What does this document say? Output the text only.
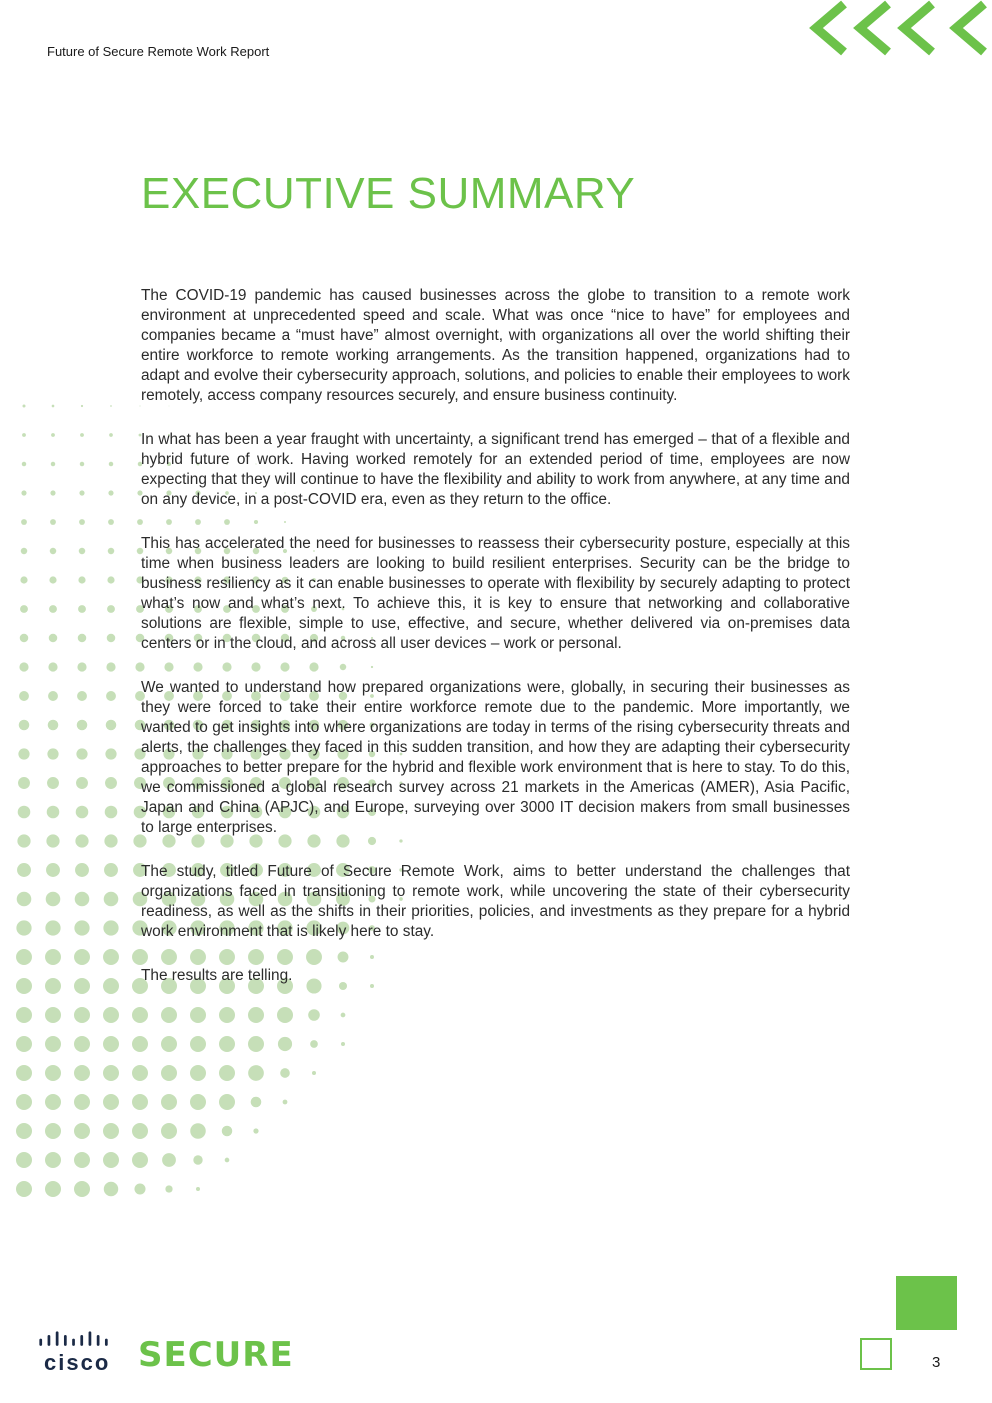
Future of Secure Remote Work Report
EXECUTIVE SUMMARY

The COVID-19 pandemic has caused businesses across the globe to transition to a remote work environment at unprecedented speed and scale. What was once “nice to have” for employees and companies became a “must have” almost overnight, with organizations all over the world shifting their entire workforce to remote working arrangements. As the transition happened, organizations had to adapt and evolve their cybersecurity approach, solutions, and policies to enable their employees to work remotely, access company resources securely, and ensure business continuity.

In what has been a year fraught with uncertainty, a significant trend has emerged – that of a flexible and hybrid future of work. Having worked remotely for an extended period of time, employees are now expecting that they will continue to have the flexibility and ability to work from anywhere, at any time and on any device, in a post-COVID era, even as they return to the office.

This has accelerated the need for businesses to reassess their cybersecurity posture, especially at this time when business leaders are looking to build resilient enterprises. Security can be the bridge to business resiliency as it can enable businesses to operate with flexibility by securely adapting to protect what’s now and what’s next. To achieve this, it is key to ensure that networking and collaborative solutions are flexible, simple to use, effective, and secure, whether delivered via on-premises data centers or in the cloud, and across all user devices – work or personal.

We wanted to understand how prepared organizations were, globally, in securing their businesses as they were forced to take their entire workforce remote due to the pandemic. More importantly, we wanted to get insights into where organizations are today in terms of the rising cybersecurity threats and alerts, the challenges they faced in this sudden transition, and how they are adapting their cybersecurity approaches to better prepare for the hybrid and flexible work environment that is here to stay. To do this, we commissioned a global research survey across 21 markets in the Americas (AMER), Asia Pacific, Japan and China (APJC), and Europe, surveying over 3000 IT decision makers from small businesses to large enterprises.

The study, titled Future of Secure Remote Work, aims to better understand the challenges that organizations faced in transitioning to remote work, while uncovering the state of their cybersecurity readiness, as well as the shifts in their priorities, policies, and investments as they prepare for a hybrid work environment that is likely here to stay.

The results are telling.

cisco SECURE	3
